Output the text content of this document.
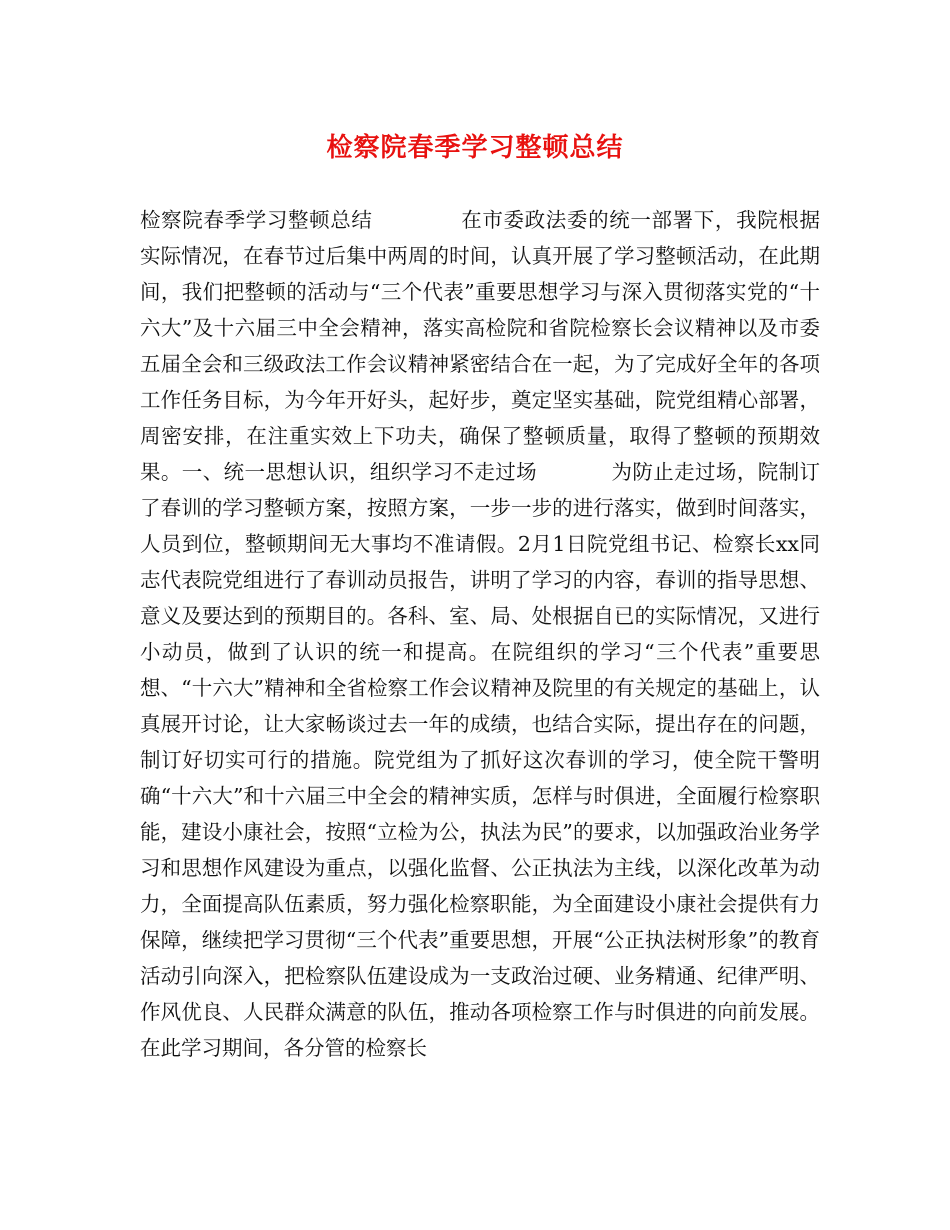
检察院春季学习整顿总结
检察院春季学习整顿总结	在市委政法委的统一部署下，我院根据实际情况，在春节过后集中两周的时间，认真开展了学习整顿活动，在此期间，我们把整顿的活动与“三个代表”重要思想学习与深入贯彻落实党的“十六大”及十六届三中全会精神，落实高检院和省院检察长会议精神以及市委五届全会和三级政法工作会议精神紧密结合在一起，为了完成好全年的各项工作任务目标，为今年开好头，起好步，奠定坚实基础，院党组精心部署，周密安排，在注重实效上下功夫，确保了整顿质量，取得了整顿的预期效果。一、统一思想认识，组织学习不走过场	为防止走过场，院制订了春训的学习整顿方案，按照方案，一步一步的进行落实，做到时间落实，人员到位，整顿期间无大事均不准请假。2月1日院党组书记、检察长xx同志代表院党组进行了春训动员报告，讲明了学习的内容，春训的指导思想、意义及要达到的预期目的。各科、室、局、处根据自已的实际情况，又进行小动员，做到了认识的统一和提高。在院组织的学习“三个代表”重要思想、“十六大”精神和全省检察工作会议精神及院里的有关规定的基础上，认真展开讨论，让大家畅谈过去一年的成绩，也结合实际，提出存在的问题，制订好切实可行的措施。院党组为了抓好这次春训的学习，使全院干警明确“十六大”和十六届三中全会的精神实质，怎样与时俱进，全面履行检察职能，建设小康社会，按照“立检为公，执法为民”的要求，以加强政治业务学习和思想作风建设为重点，以强化监督、公正执法为主线，以深化改革为动力，全面提高队伍素质，努力强化检察职能，为全面建设小康社会提供有力保障，继续把学习贯彻“三个代表”重要思想，开展“公正执法树形象”的教育活动引向深入，把检察队伍建设成为一支政治过硬、业务精通、纪律严明、作风优良、人民群众满意的队伍，推动各项检察工作与时俱进的向前发展。在此学习期间，各分管的检察长
